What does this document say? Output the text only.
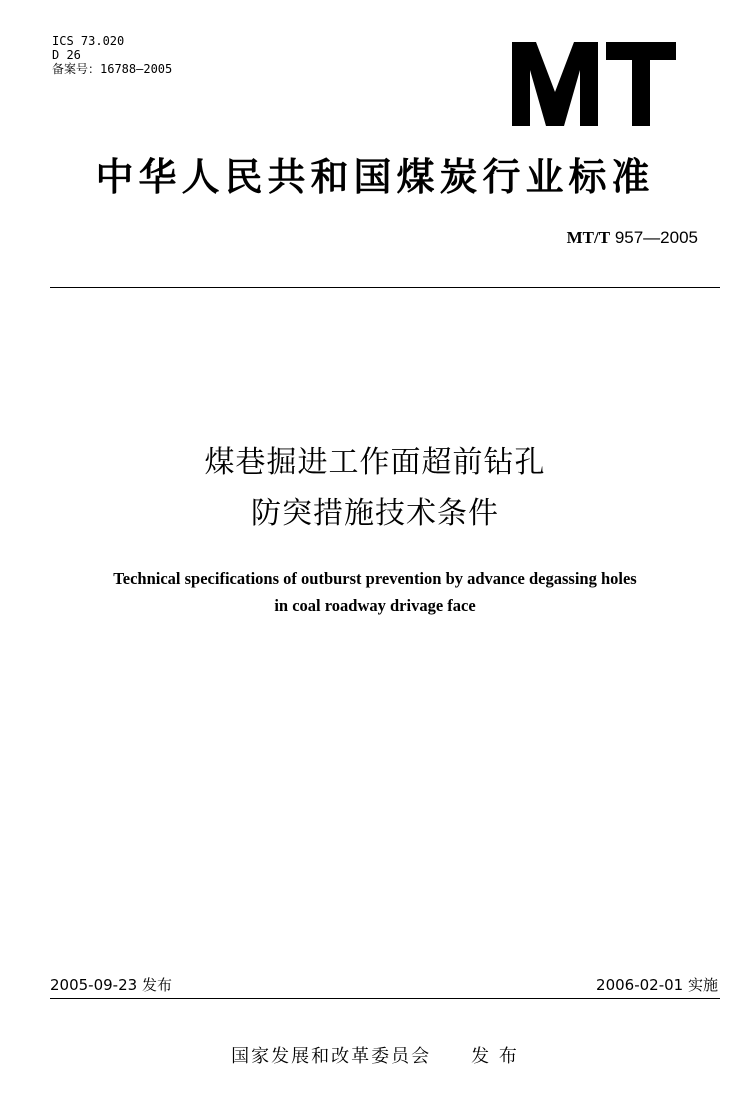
ICS 73.020
D 26
备案号：16788—2005
中华人民共和国煤炭行业标准
MT/T 957—2005
煤巷掘进工作面超前钻孔
防突措施技术条件
Technical specifications of outburst prevention by advance degassing holes
in coal roadway drivage face
2005-09-23 发布	2006-02-01 实施
国家发展和改革委员会 发 布
